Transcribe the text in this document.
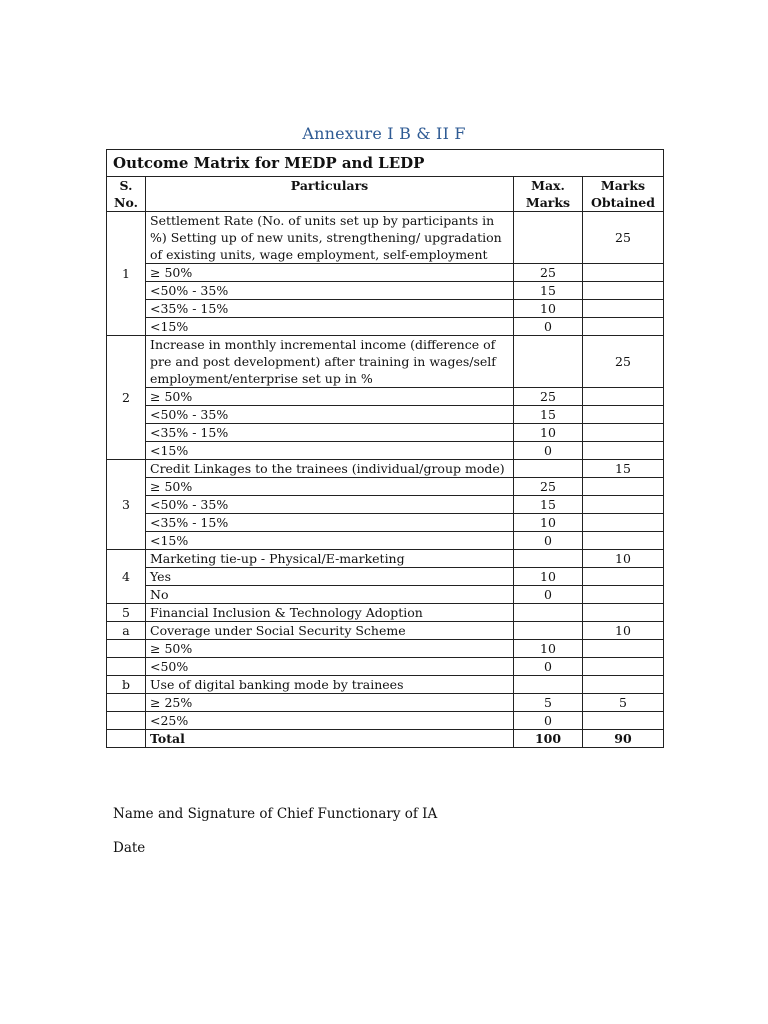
Annexure I B & II F
Outcome Matrix for MEDP and LEDP			
S. No.	Particulars	Max. Marks	Marks Obtained
1	Settlement Rate (No. of units set up by participants in %) Setting up of new units, strengthening/ upgradation of existing units, wage employment, self-employment		25
	≥ 50%	25	
	<50% - 35%	15	
	<35% - 15%	10	
	<15%	0	
2	Increase in monthly incremental income (difference of pre and post development) after training in wages/self employment/enterprise set up in %		25
	≥ 50%	25	
	<50% - 35%	15	
	<35% - 15%	10	
	<15%	0	
3	Credit Linkages to the trainees (individual/group mode)		15
	≥ 50%	25	
	<50% - 35%	15	
	<35% - 15%	10	
	<15%	0	
4	Marketing tie-up - Physical/E-marketing		10
	Yes	10	
	No	0	
5	Financial Inclusion & Technology Adoption		
a	Coverage under Social Security Scheme		10
	≥ 50%	10	
	<50%	0	
b	Use of digital banking mode by trainees		
	≥ 25%	5	5
	<25%	0	
	Total	100	90
Name and Signature of Chief Functionary of IA
Date
